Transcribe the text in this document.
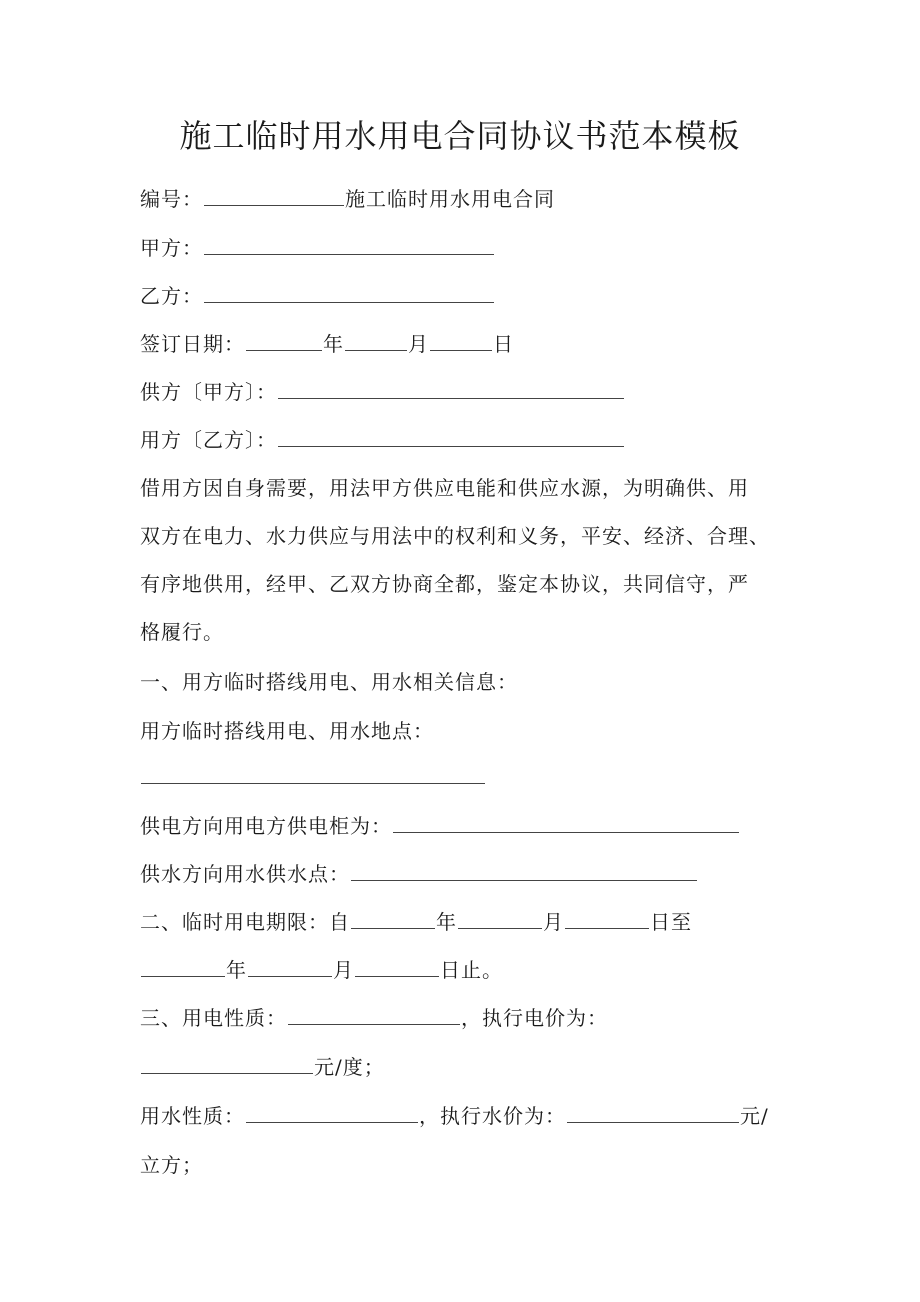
施工临时用水用电合同协议书范本模板
编号：	施工临时用水用电合同
甲方：
乙方：
签订日期：	年	月	日
供方〔甲方〕：
用方〔乙方〕：
借用方因自身需要，用法甲方供应电能和供应水源，为明确供、用
双方在电力、水力供应与用法中的权利和义务，平安、经济、合理、
有序地供用，经甲、乙双方协商全都，鉴定本协议，共同信守，严
格履行。
一、用方临时搭线用电、用水相关信息：
用方临时搭线用电、用水地点：
供电方向用电方供电柜为：
供水方向用水供水点：
二、临时用电期限：自	年	月	日至
年	月	日止。
三、用电性质：	，执行电价为：
元/度；
用水性质：	，执行水价为：	元/
立方；
